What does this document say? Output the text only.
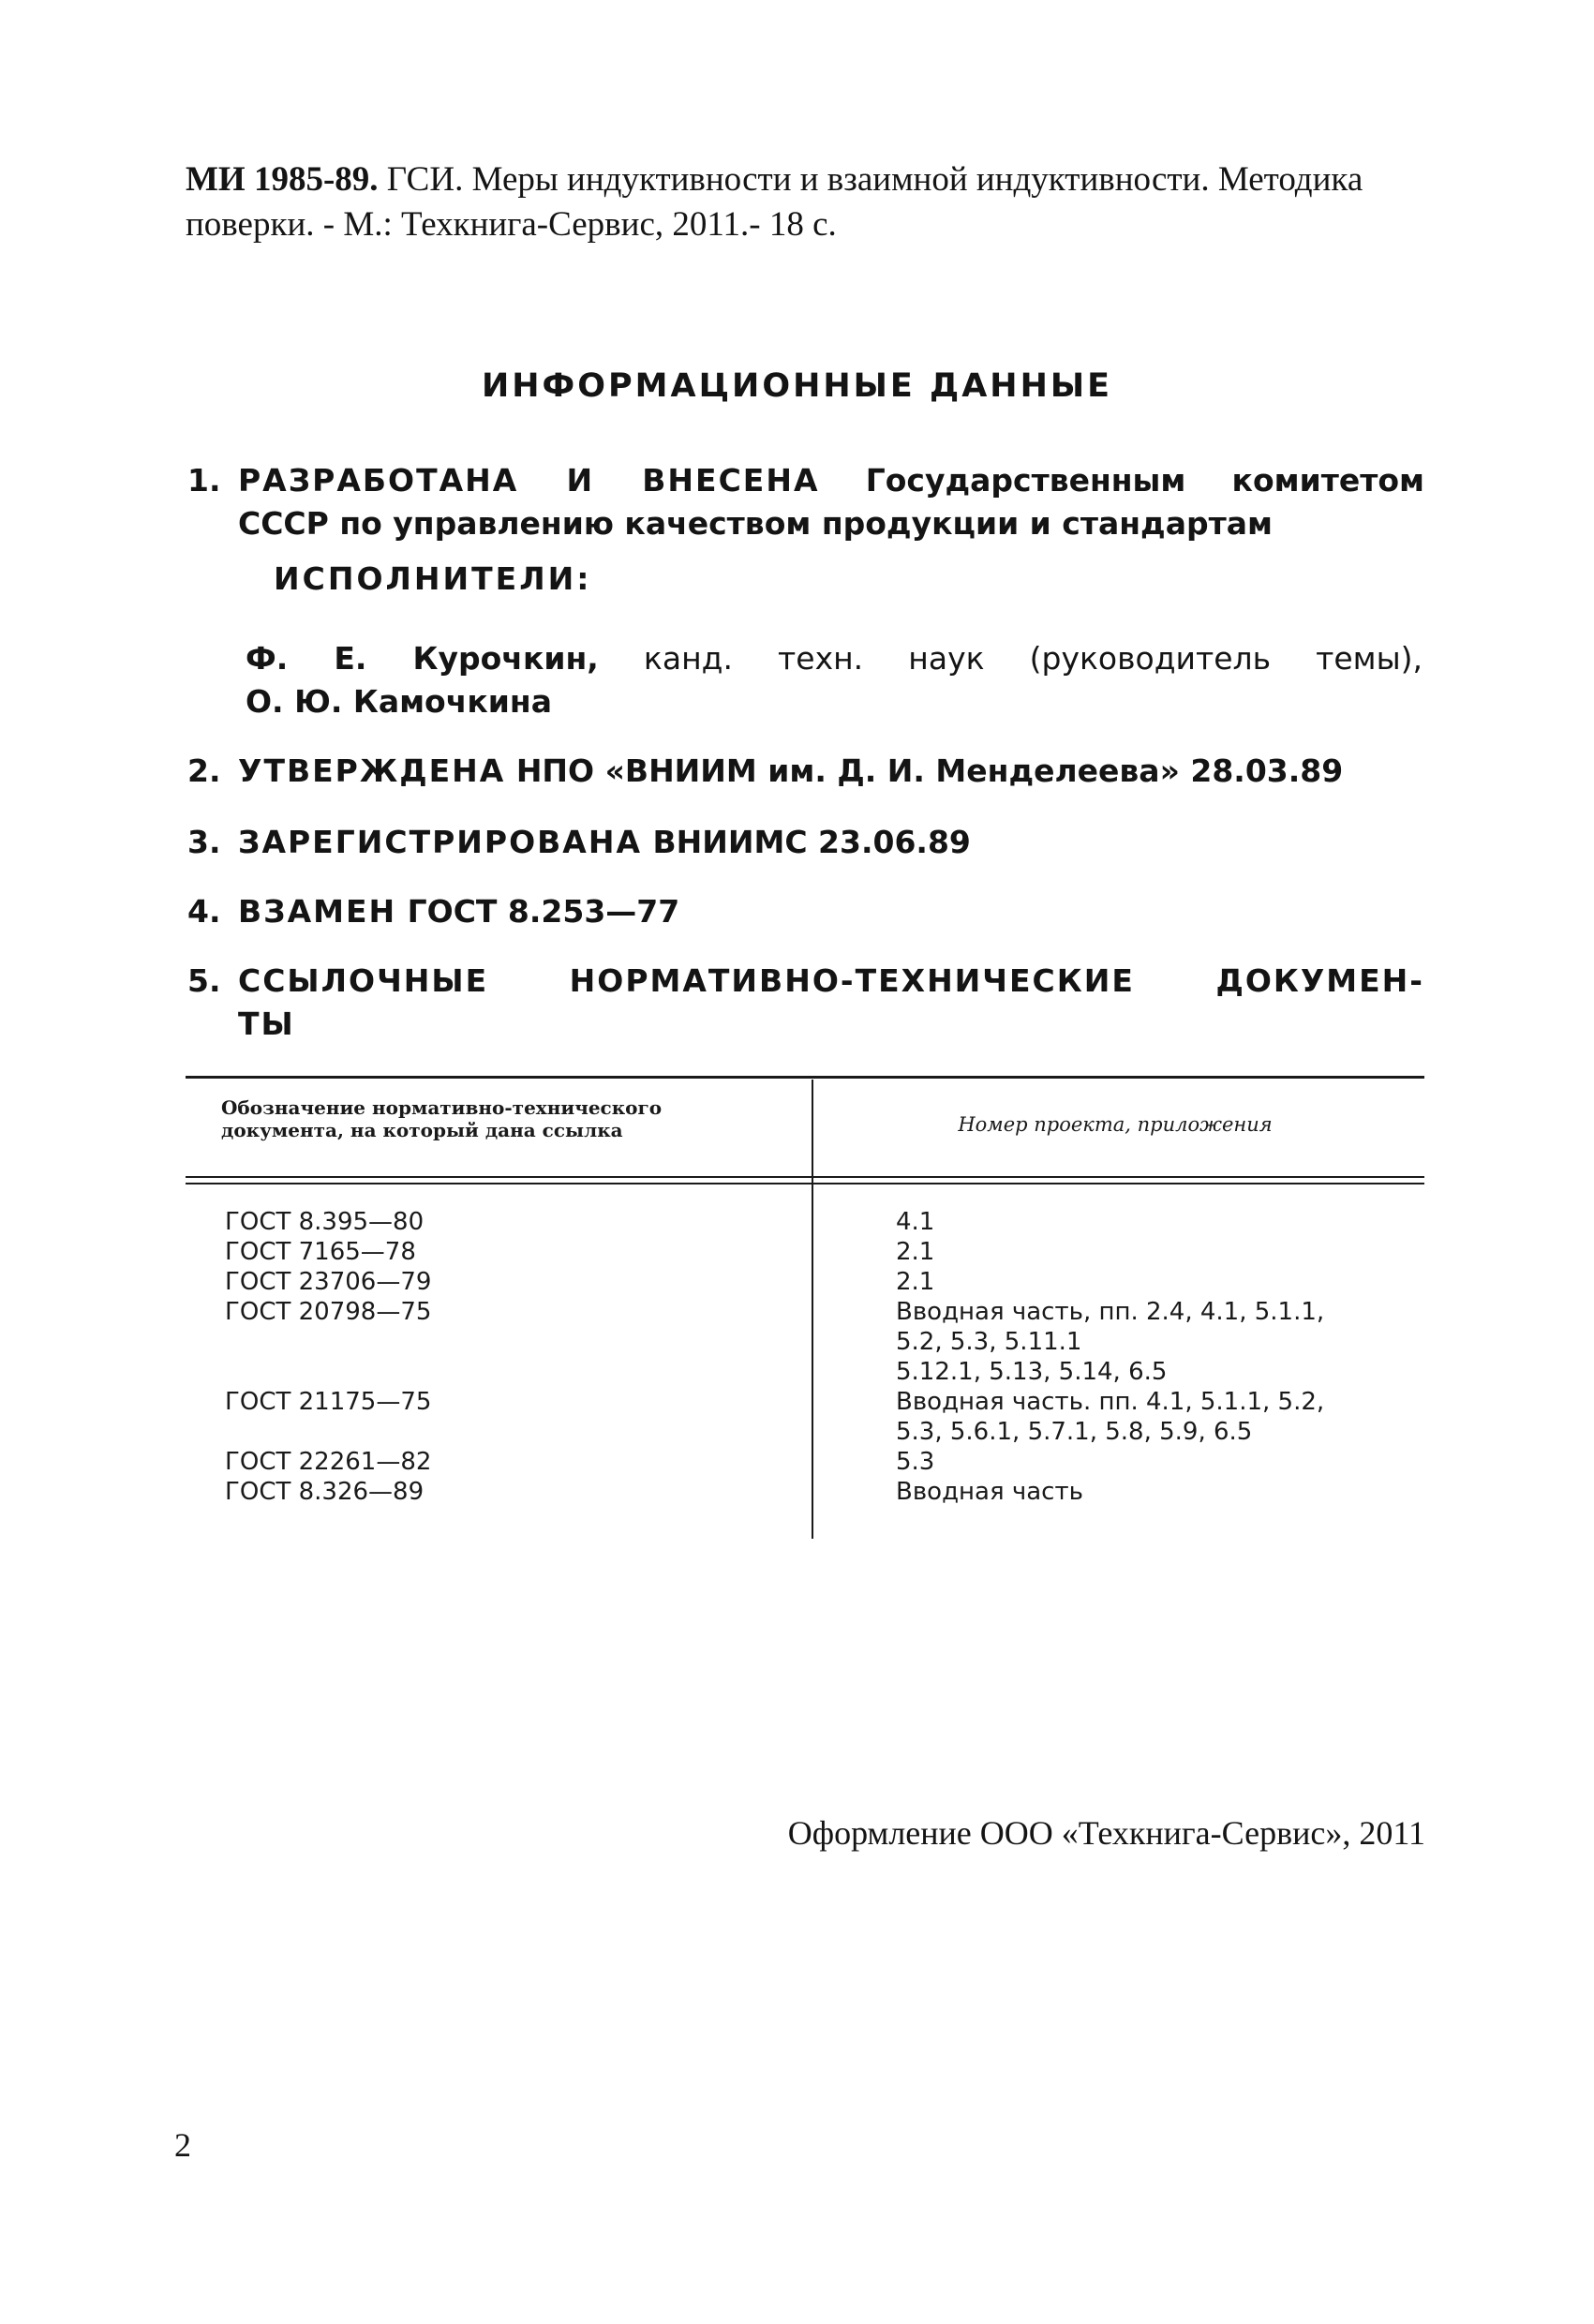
МИ 1985-89. ГСИ. Меры индуктивности и взаимной индуктивности. Методика поверки. - М.: Техкнига-Сервис, 2011.- 18 с.
ИНФОРМАЦИОННЫЕ ДАННЫЕ
1. РАЗРАБОТАНА И ВНЕСЕНА Государственным комитетом
СССР по управлению качеством продукции и стандартам
ИСПОЛНИТЕЛИ:
Ф. Е. Курочкин, канд. техн. наук (руководитель темы),
О. Ю. Камочкина
2. УТВЕРЖДЕНА НПО «ВНИИМ им. Д. И. Менделеева» 28.03.89
3. ЗАРЕГИСТРИРОВАНА ВНИИМС 23.06.89
4. ВЗАМЕН ГОСТ 8.253—77
5. ССЫЛОЧНЫЕ НОРМАТИВНО-ТЕХНИЧЕСКИЕ ДОКУМЕН-
ТЫ
Обозначение нормативно-технического
документа, на который дана ссылка	Номер проекта, приложения
ГОСТ 8.395—80
ГОСТ 7165—78
ГОСТ 23706—79
ГОСТ 20798—75
ГОСТ 21175—75
ГОСТ 22261—82
ГОСТ 8.326—89
4.1
2.1
2.1
Вводная часть, пп. 2.4, 4.1, 5.1.1,
5.2, 5.3, 5.11.1
5.12.1, 5.13, 5.14, 6.5
Вводная часть. пп. 4.1, 5.1.1, 5.2,
5.3, 5.6.1, 5.7.1, 5.8, 5.9, 6.5
5.3
Вводная часть
Оформление ООО «Техкнига-Сервис», 2011
2
